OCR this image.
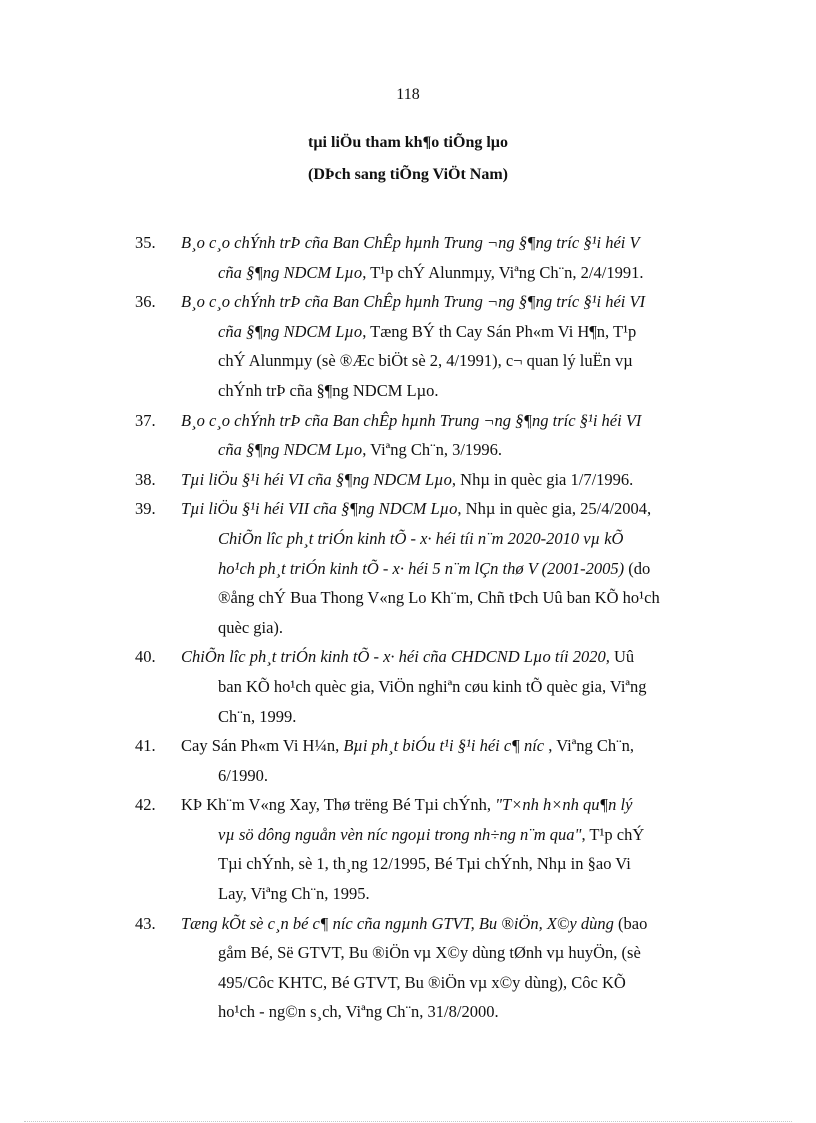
118
tµi liÖu tham kh¶o tiÕng lµo
(DÞch sang tiÕng ViÖt Nam)
35. B¸o c¸o chÝnh trÞ cña Ban ChÊp hµnh Trung ¬ng §¶ng tríc §¹i héi V
cña §¶ng NDCM Lµo, T¹p chÝ Alunmµy, Viªng Ch¨n, 2/4/1991.
36. B¸o c¸o chÝnh trÞ cña Ban ChÊp hµnh Trung ¬ng §¶ng tríc §¹i héi VI
cña §¶ng NDCM Lµo, Tæng BÝ th Cay Sán Ph«m Vi H¶n, T¹p
chÝ Alunmµy (sè ®Æc biÖt sè 2, 4/1991), c¬ quan lý luËn vµ
chÝnh trÞ cña §¶ng NDCM Lµo.
37. B¸o c¸o chÝnh trÞ cña Ban chÊp hµnh Trung ¬ng §¶ng tríc §¹i héi VI
cña §¶ng NDCM Lµo, Viªng Ch¨n, 3/1996.
38. Tµi liÖu §¹i héi VI cña §¶ng NDCM Lµo, Nhµ in quèc gia 1/7/1996.
39. Tµi liÖu §¹i héi VII cña §¶ng NDCM Lµo, Nhµ in quèc gia, 25/4/2004,
ChiÕn lîc ph¸t triÓn kinh tÕ - x· héi tíi n¨m 2020-2010 vµ kÕ
ho¹ch ph¸t triÓn kinh tÕ - x· héi 5 n¨m lÇn thø V (2001-2005) (do
®ång chÝ Bua Thong V«ng Lo Kh¨m, Chñ tÞch Uû ban KÕ ho¹ch
quèc gia).
40. ChiÕn lîc ph¸t triÓn kinh tÕ - x· héi cña CHDCND Lµo tíi 2020, Uû
ban KÕ ho¹ch quèc gia, ViÖn nghiªn cøu kinh tÕ quèc gia, Viªng
Ch¨n, 1999.
41. Cay Sán Ph«m Vi H¼n, Bµi ph¸t biÓu t¹i §¹i héi c¶ níc , Viªng Ch¨n,
6/1990.
42. KÞ Kh¨m V«ng Xay, Thø trëng Bé Tµi chÝnh, "T×nh h×nh qu¶n lý
vµ sö dông nguån vèn níc ngoµi trong nh÷ng n¨m qua", T¹p chÝ
Tµi chÝnh, sè 1, th¸ng 12/1995, Bé Tµi chÝnh, Nhµ in §ao Vi
Lay, Viªng Ch¨n, 1995.
43. Tæng kÕt sè c¸n bé c¶ níc cña ngµnh GTVT, Bu ®iÖn, X©y dùng (bao
gåm Bé, Së GTVT, Bu ®iÖn vµ X©y dùng tØnh vµ huyÖn, (sè
495/Côc KHTC, Bé GTVT, Bu ®iÖn vµ x©y dùng), Côc KÕ
ho¹ch - ng©n s¸ch, Viªng Ch¨n, 31/8/2000.
